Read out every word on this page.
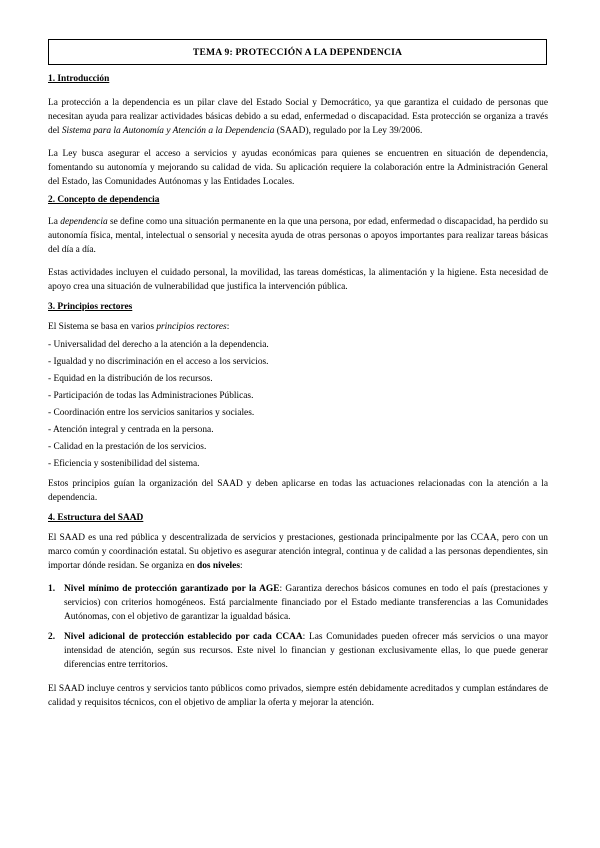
TEMA 9: PROTECCIÓN A LA DEPENDENCIA

1. Introducción

La protección a la dependencia es un pilar clave del Estado Social y Democrático, ya que garantiza el cuidado de personas que necesitan ayuda para realizar actividades básicas debido a su edad, enfermedad o discapacidad. Esta protección se organiza a través del Sistema para la Autonomía y Atención a la Dependencia (SAAD), regulado por la Ley 39/2006.

La Ley busca asegurar el acceso a servicios y ayudas económicas para quienes se encuentren en situación de dependencia, fomentando su autonomía y mejorando su calidad de vida. Su aplicación requiere la colaboración entre la Administración General del Estado, las Comunidades Autónomas y las Entidades Locales.

2. Concepto de dependencia

La dependencia se define como una situación permanente en la que una persona, por edad, enfermedad o discapacidad, ha perdido su autonomía física, mental, intelectual o sensorial y necesita ayuda de otras personas o apoyos importantes para realizar tareas básicas del día a día.

Estas actividades incluyen el cuidado personal, la movilidad, las tareas domésticas, la alimentación y la higiene. Esta necesidad de apoyo crea una situación de vulnerabilidad que justifica la intervención pública.

3. Principios rectores

El Sistema se basa en varios principios rectores:

- Universalidad del derecho a la atención a la dependencia.

- Igualdad y no discriminación en el acceso a los servicios.

- Equidad en la distribución de los recursos.

- Participación de todas las Administraciones Públicas.

- Coordinación entre los servicios sanitarios y sociales.

- Atención integral y centrada en la persona.

- Calidad en la prestación de los servicios.

- Eficiencia y sostenibilidad del sistema.

Estos principios guían la organización del SAAD y deben aplicarse en todas las actuaciones relacionadas con la atención a la dependencia.

4. Estructura del SAAD

El SAAD es una red pública y descentralizada de servicios y prestaciones, gestionada principalmente por las CCAA, pero con un marco común y coordinación estatal. Su objetivo es asegurar atención integral, continua y de calidad a las personas dependientes, sin importar dónde residan. Se organiza en dos niveles:

1. Nivel mínimo de protección garantizado por la AGE: Garantiza derechos básicos comunes en todo el país (prestaciones y servicios) con criterios homogéneos. Está parcialmente financiado por el Estado mediante transferencias a las Comunidades Autónomas, con el objetivo de garantizar la igualdad básica.
2. Nivel adicional de protección establecido por cada CCAA: Las Comunidades pueden ofrecer más servicios o una mayor intensidad de atención, según sus recursos. Este nivel lo financian y gestionan exclusivamente ellas, lo que puede generar diferencias entre territorios.

El SAAD incluye centros y servicios tanto públicos como privados, siempre estén debidamente acreditados y cumplan estándares de calidad y requisitos técnicos, con el objetivo de ampliar la oferta y mejorar la atención.
